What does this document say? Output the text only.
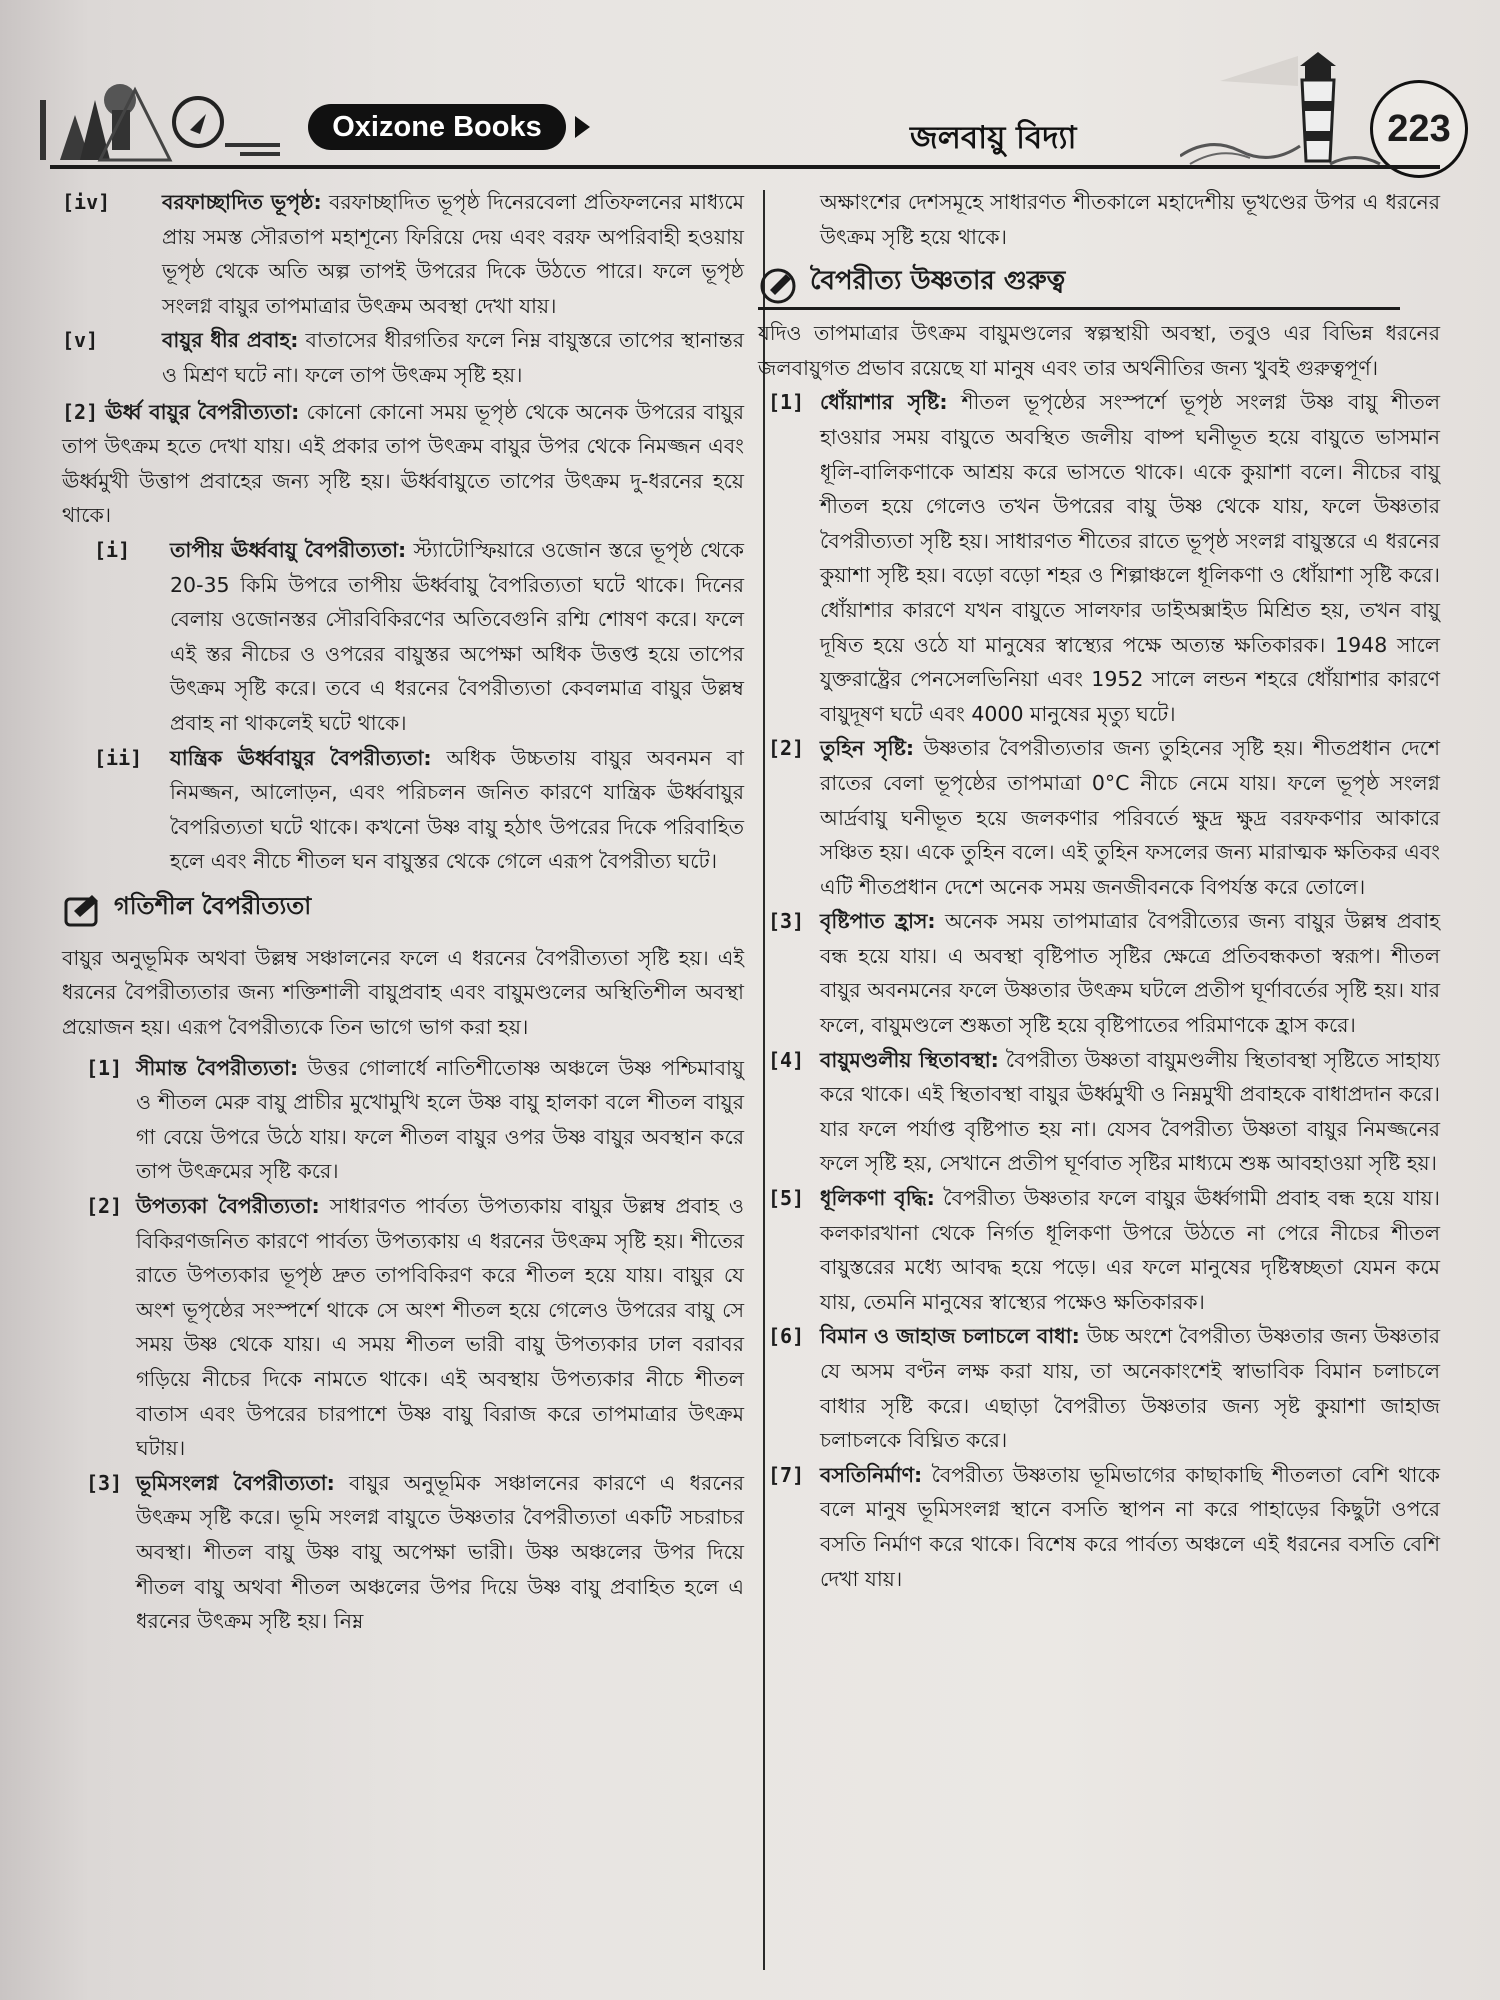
Oxizone Books	জলবায়ু বিদ্যা	223
[iv]	বরফাচ্ছাদিত ভূপৃষ্ঠ: বরফাচ্ছাদিত ভূপৃষ্ঠ দিনেরবেলা প্রতিফলনের মাধ্যমে প্রায় সমস্ত সৌরতাপ মহাশূন্যে ফিরিয়ে দেয় এবং বরফ অপরিবাহী হওয়ায় ভূপৃষ্ঠ থেকে অতি অল্প তাপই উপরের দিকে উঠতে পারে। ফলে ভূপৃষ্ঠ সংলগ্ন বায়ুর তাপমাত্রার উৎক্রম অবস্থা দেখা যায়।
[v]	বায়ুর ধীর প্রবাহ: বাতাসের ধীরগতির ফলে নিম্ন বায়ুস্তরে তাপের স্থানান্তর ও মিশ্রণ ঘটে না। ফলে তাপ উৎক্রম সৃষ্টি হয়।
[2] ঊর্ধ্ব বায়ুর বৈপরীত্যতা: কোনো কোনো সময় ভূপৃষ্ঠ থেকে অনেক উপরের বায়ুর তাপ উৎক্রম হতে দেখা যায়। এই প্রকার তাপ উৎক্রম বায়ুর উপর থেকে নিমজ্জন এবং ঊর্ধ্বমুখী উত্তাপ প্রবাহের জন্য সৃষ্টি হয়। ঊর্ধ্ববায়ুতে তাপের উৎক্রম দু-ধরনের হয়ে থাকে।
[i] তাপীয় ঊর্ধ্ববায়ু বৈপরীত্যতা: স্ট্যাটোস্ফিয়ারে ওজোন স্তরে ভূপৃষ্ঠ থেকে 20-35 কিমি উপরে তাপীয় ঊর্ধ্ববায়ু বৈপরিত্যতা ঘটে থাকে। দিনের বেলায় ওজোনস্তর সৌরবিকিরণের অতিবেগুনি রশ্মি শোষণ করে। ফলে এই স্তর নীচের ও ওপরের বায়ুস্তর অপেক্ষা অধিক উত্তপ্ত হয়ে তাপের উৎক্রম সৃষ্টি করে। তবে এ ধরনের বৈপরীত্যতা কেবলমাত্র বায়ুর উল্লম্ব প্রবাহ না থাকলেই ঘটে থাকে।
[ii] যান্ত্রিক ঊর্ধ্ববায়ুর বৈপরীত্যতা: অধিক উচ্চতায় বায়ুর অবনমন বা নিমজ্জন, আলোড়ন, এবং পরিচলন জনিত কারণে যান্ত্রিক ঊর্ধ্ববায়ুর বৈপরিত্যতা ঘটে থাকে। কখনো উষ্ণ বায়ু হঠাৎ উপরের দিকে পরিবাহিত হলে এবং নীচে শীতল ঘন বায়ুস্তর থেকে গেলে এরূপ বৈপরীত্য ঘটে।
গতিশীল বৈপরীত্যতা
বায়ুর অনুভূমিক অথবা উল্লম্ব সঞ্চালনের ফলে এ ধরনের বৈপরীত্যতা সৃষ্টি হয়। এই ধরনের বৈপরীত্যতার জন্য শক্তিশালী বায়ুপ্রবাহ এবং বায়ুমণ্ডলের অস্থিতিশীল অবস্থা প্রয়োজন হয়। এরূপ বৈপরীত্যকে তিন ভাগে ভাগ করা হয়।
[1] সীমান্ত বৈপরীত্যতা: উত্তর গোলার্ধে নাতিশীতোষ্ণ অঞ্চলে উষ্ণ পশ্চিমাবায়ু ও শীতল মেরু বায়ু প্রাচীর মুখোমুখি হলে উষ্ণ বায়ু হালকা বলে শীতল বায়ুর গা বেয়ে উপরে উঠে যায়। ফলে শীতল বায়ুর ওপর উষ্ণ বায়ুর অবস্থান করে তাপ উৎক্রমের সৃষ্টি করে।
[2] উপত্যকা বৈপরীত্যতা: সাধারণত পার্বত্য উপত্যকায় বায়ুর উল্লম্ব প্রবাহ ও বিকিরণজনিত কারণে পার্বত্য উপত্যকায় এ ধরনের উৎক্রম সৃষ্টি হয়। শীতের রাতে উপত্যকার ভূপৃষ্ঠ দ্রুত তাপবিকিরণ করে শীতল হয়ে যায়। বায়ুর যে অংশ ভূপৃষ্ঠের সংস্পর্শে থাকে সে অংশ শীতল হয়ে গেলেও উপরের বায়ু সে সময় উষ্ণ থেকে যায়। এ সময় শীতল ভারী বায়ু উপত্যকার ঢাল বরাবর গড়িয়ে নীচের দিকে নামতে থাকে। এই অবস্থায় উপত্যকার নীচে শীতল বাতাস এবং উপরের চারপাশে উষ্ণ বায়ু বিরাজ করে তাপমাত্রার উৎক্রম ঘটায়।
[3] ভূমিসংলগ্ন বৈপরীত্যতা: বায়ুর অনুভূমিক সঞ্চালনের কারণে এ ধরনের উৎক্রম সৃষ্টি করে। ভূমি সংলগ্ন বায়ুতে উষ্ণতার বৈপরীত্যতা একটি সচরাচর অবস্থা। শীতল বায়ু উষ্ণ বায়ু অপেক্ষা ভারী। উষ্ণ অঞ্চলের উপর দিয়ে শীতল বায়ু অথবা শীতল অঞ্চলের উপর দিয়ে উষ্ণ বায়ু প্রবাহিত হলে এ ধরনের উৎক্রম সৃষ্টি হয়। নিম্ন
অক্ষাংশের দেশসমূহে সাধারণত শীতকালে মহাদেশীয় ভূখণ্ডের উপর এ ধরনের উৎক্রম সৃষ্টি হয়ে থাকে।
বৈপরীত্য উষ্ণতার গুরুত্ব
যদিও তাপমাত্রার উৎক্রম বায়ুমণ্ডলের স্বল্পস্থায়ী অবস্থা, তবুও এর বিভিন্ন ধরনের জলবায়ুগত প্রভাব রয়েছে যা মানুষ এবং তার অর্থনীতির জন্য খুবই গুরুত্বপূর্ণ।
[1] ধোঁয়াশার সৃষ্টি: শীতল ভূপৃষ্ঠের সংস্পর্শে ভূপৃষ্ঠ সংলগ্ন উষ্ণ বায়ু শীতল হাওয়ার সময় বায়ুতে অবস্থিত জলীয় বাষ্প ঘনীভূত হয়ে বায়ুতে ভাসমান ধূলি-বালিকণাকে আশ্রয় করে ভাসতে থাকে। একে কুয়াশা বলে। নীচের বায়ু শীতল হয়ে গেলেও তখন উপরের বায়ু উষ্ণ থেকে যায়, ফলে উষ্ণতার বৈপরীত্যতা সৃষ্টি হয়। সাধারণত শীতের রাতে ভূপৃষ্ঠ সংলগ্ন বায়ুস্তরে এ ধরনের কুয়াশা সৃষ্টি হয়। বড়ো বড়ো শহর ও শিল্পাঞ্চলে ধূলিকণা ও ধোঁয়াশা সৃষ্টি করে। ধোঁয়াশার কারণে যখন বায়ুতে সালফার ডাইঅক্সাইড মিশ্রিত হয়, তখন বায়ু দূষিত হয়ে ওঠে যা মানুষের স্বাস্থ্যের পক্ষে অত্যন্ত ক্ষতিকারক। 1948 সালে যুক্তরাষ্ট্রের পেনসেলভিনিয়া এবং 1952 সালে লন্ডন শহরে ধোঁয়াশার কারণে বায়ুদূষণ ঘটে এবং 4000 মানুষের মৃত্যু ঘটে।
[2] তুহিন সৃষ্টি: উষ্ণতার বৈপরীত্যতার জন্য তুহিনের সৃষ্টি হয়। শীতপ্রধান দেশে রাতের বেলা ভূপৃষ্ঠের তাপমাত্রা 0°C নীচে নেমে যায়। ফলে ভূপৃষ্ঠ সংলগ্ন আর্দ্রবায়ু ঘনীভূত হয়ে জলকণার পরিবর্তে ক্ষুদ্র ক্ষুদ্র বরফকণার আকারে সঞ্চিত হয়। একে তুহিন বলে। এই তুহিন ফসলের জন্য মারাত্মক ক্ষতিকর এবং এটি শীতপ্রধান দেশে অনেক সময় জনজীবনকে বিপর্যস্ত করে তোলে।
[3] বৃষ্টিপাত হ্রাস: অনেক সময় তাপমাত্রার বৈপরীত্যের জন্য বায়ুর উল্লম্ব প্রবাহ বন্ধ হয়ে যায়। এ অবস্থা বৃষ্টিপাত সৃষ্টির ক্ষেত্রে প্রতিবন্ধকতা স্বরূপ। শীতল বায়ুর অবনমনের ফলে উষ্ণতার উৎক্রম ঘটলে প্রতীপ ঘূর্ণাবর্তের সৃষ্টি হয়। যার ফলে, বায়ুমণ্ডলে শুষ্কতা সৃষ্টি হয়ে বৃষ্টিপাতের পরিমাণকে হ্রাস করে।
[4] বায়ুমণ্ডলীয় স্থিতাবস্থা: বৈপরীত্য উষ্ণতা বায়ুমণ্ডলীয় স্থিতাবস্থা সৃষ্টিতে সাহায্য করে থাকে। এই স্থিতাবস্থা বায়ুর ঊর্ধ্বমুখী ও নিম্নমুখী প্রবাহকে বাধাপ্রদান করে। যার ফলে পর্যাপ্ত বৃষ্টিপাত হয় না। যেসব বৈপরীত্য উষ্ণতা বায়ুর নিমজ্জনের ফলে সৃষ্টি হয়, সেখানে প্রতীপ ঘূর্ণবাত সৃষ্টির মাধ্যমে শুষ্ক আবহাওয়া সৃষ্টি হয়।
[5] ধূলিকণা বৃদ্ধি: বৈপরীত্য উষ্ণতার ফলে বায়ুর ঊর্ধ্বগামী প্রবাহ বন্ধ হয়ে যায়। কলকারখানা থেকে নির্গত ধূলিকণা উপরে উঠতে না পেরে নীচের শীতল বায়ুস্তরের মধ্যে আবদ্ধ হয়ে পড়ে। এর ফলে মানুষের দৃষ্টিস্বচ্ছতা যেমন কমে যায়, তেমনি মানুষের স্বাস্থ্যের পক্ষেও ক্ষতিকারক।
[6] বিমান ও জাহাজ চলাচলে বাধা: উচ্চ অংশে বৈপরীত্য উষ্ণতার জন্য উষ্ণতার যে অসম বণ্টন লক্ষ করা যায়, তা অনেকাংশেই স্বাভাবিক বিমান চলাচলে বাধার সৃষ্টি করে। এছাড়া বৈপরীত্য উষ্ণতার জন্য সৃষ্ট কুয়াশা জাহাজ চলাচলকে বিঘ্নিত করে।
[7] বসতিনির্মাণ: বৈপরীত্য উষ্ণতায় ভূমিভাগের কাছাকাছি শীতলতা বেশি থাকে বলে মানুষ ভূমিসংলগ্ন স্থানে বসতি স্থাপন না করে পাহাড়ের কিছুটা ওপরে বসতি নির্মাণ করে থাকে। বিশেষ করে পার্বত্য অঞ্চলে এই ধরনের বসতি বেশি দেখা যায়।
